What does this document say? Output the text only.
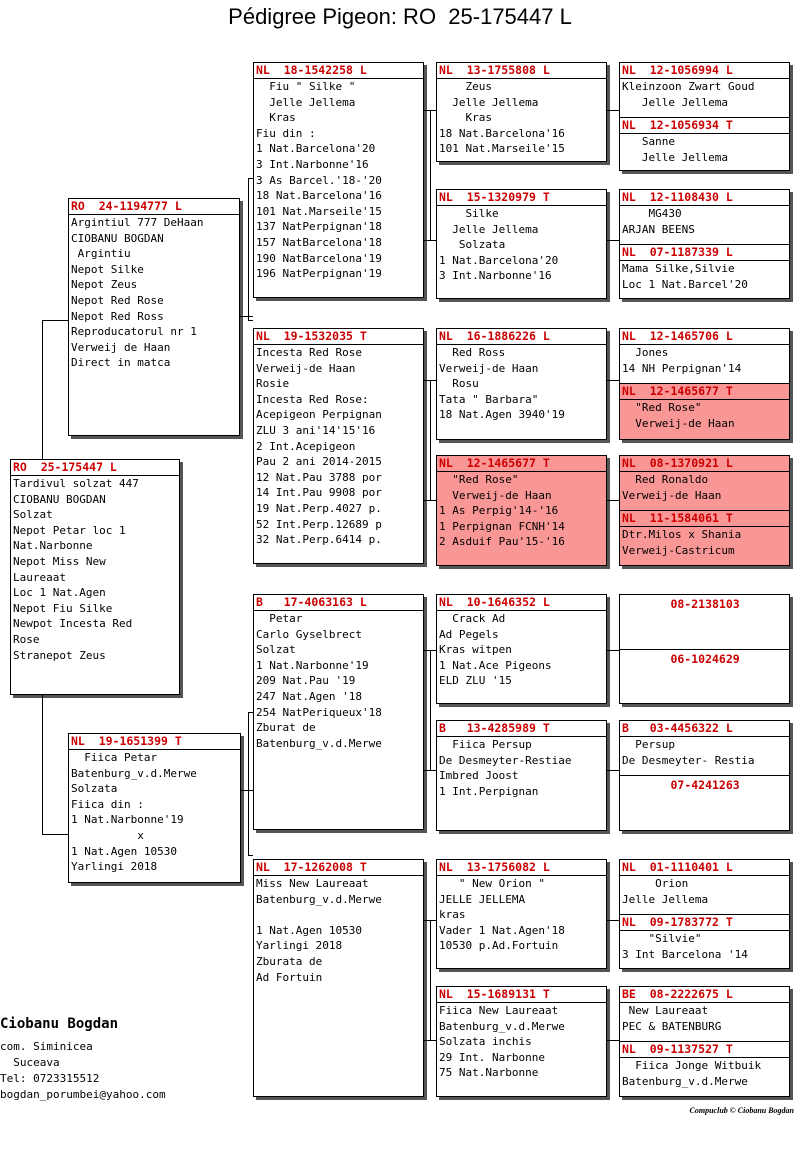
Pédigree Pigeon: RO  25-175447 L
RO  25-175447 L
Tardivul solzat 447
CIOBANU BOGDAN
Solzat
Nepot Petar loc 1
Nat.Narbonne
Nepot Miss New
Laureaat
Loc 1 Nat.Agen
Nepot Fiu Silke
Newpot Incesta Red
Rose
Stranepot Zeus
RO  24-1194777 L
Argintiul 777 DeHaan
CIOBANU BOGDAN
Argintiu
Nepot Silke
Nepot Zeus
Nepot Red Rose
Nepot Red Ross
Reproducatorul nr 1
Verweij de Haan
Direct in matca
NL  19-1651399 T
Fiica Petar
Batenburg_v.d.Merwe
Solzata
Fiica din :
1 Nat.Narbonne'19
x
1 Nat.Agen 10530
Yarlingi 2018
NL  18-1542258 L
Fiu " Silke "
Jelle Jellema
Kras
Fiu din :
1 Nat.Barcelona'20
3 Int.Narbonne'16
3 As Barcel.'18-'20
18 Nat.Barcelona'16
101 Nat.Marseile'15
137 NatPerpignan'18
157 NatBarcelona'18
190 NatBarcelona'19
196 NatPerpignan'19
NL  19-1532035 T
Incesta Red Rose
Verweij-de Haan
Rosie
Incesta Red Rose:
Acepigeon Perpignan
ZLU 3 ani'14'15'16
2 Int.Acepigeon
Pau 2 ani 2014-2015
12 Nat.Pau 3788 por
14 Int.Pau 9908 por
19 Nat.Perp.4027 p.
52 Int.Perp.12689 p
32 Nat.Perp.6414 p.
B   17-4063163 L
Petar
Carlo Gyselbrect
Solzat
1 Nat.Narbonne'19
209 Nat.Pau '19
247 Nat.Agen '18
254 NatPeriqueux'18
Zburat de
Batenburg_v.d.Merwe
NL  17-1262008 T
Miss New Laureaat
Batenburg_v.d.Merwe

1 Nat.Agen 10530
Yarlingi 2018
Zburata de
Ad Fortuin
NL  13-1755808 L
Zeus
Jelle Jellema
Kras
18 Nat.Barcelona'16
101 Nat.Marseile'15
NL  15-1320979 T
Silke
Jelle Jellema
Solzata
1 Nat.Barcelona'20
3 Int.Narbonne'16
NL  16-1886226 L
Red Ross
Verweij-de Haan
Rosu
Tata " Barbara"
18 Nat.Agen 3940'19
NL  12-1465677 T
"Red Rose"
Verweij-de Haan
1 As Perpig'14-'16
1 Perpignan FCNH'14
2 Asduif Pau'15-'16
NL  10-1646352 L
Crack Ad
Ad Pegels
Kras witpen
1 Nat.Ace Pigeons
ELD ZLU '15
B   13-4285989 T
Fiica Persup
De Desmeyter-Restiae
Imbred Joost
1 Int.Perpignan
NL  13-1756082 L
" New Orion "
JELLE JELLEMA
kras
Vader 1 Nat.Agen'18
10530 p.Ad.Fortuin
NL  15-1689131 T
Fiica New Laureaat
Batenburg_v.d.Merwe
Solzata inchis
29 Int. Narbonne
75 Nat.Narbonne
NL  12-1056994 L
Kleinzoon Zwart Goud
Jelle Jellema
NL  12-1056934 T
Sanne
Jelle Jellema
NL  12-1108430 L
MG430
ARJAN BEENS
NL  07-1187339 L
Mama Silke,Silvie
Loc 1 Nat.Barcel'20
NL  12-1465706 L
Jones
14 NH Perpignan'14
NL  12-1465677 T
"Red Rose"
Verweij-de Haan
NL  08-1370921 L
Red Ronaldo
Verweij-de Haan
NL  11-1584061 T
Dtr.Milos x Shania
Verweij-Castricum
08-2138103
06-1024629
B   03-4456322 L
Persup
De Desmeyter- Restia
07-4241263
NL  01-1110401 L
Orion
Jelle Jellema
NL  09-1783772 T
"Silvie"
3 Int Barcelona '14
BE  08-2222675 L
New Laureaat
PEC & BATENBURG
NL  09-1137527 T
Fiica Jonge Witbuik
Batenburg_v.d.Merwe
Ciobanu Bogdan
com. Siminicea
Suceava
Tel: 0723315512
bogdan_porumbei@yahoo.com
Compuclub © Ciobanu Bogdan
